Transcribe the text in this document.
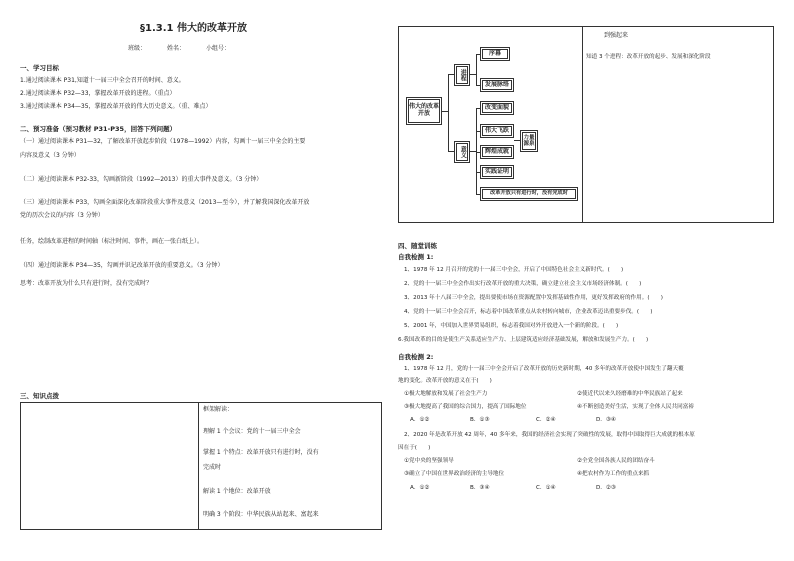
§1.3.1 伟大的改革开放
班级：　　　　姓名：　　　　小组号：
一、学习目标
1.通过阅读课本 P31,知道十一届三中全会召开的时间、意义。
2.通过阅读课本 P32—33，掌握改革开放的进程。（重点）
3.通过阅读课本 P34—35，掌握改革开放的伟大历史意义。（重、难点）
二、预习准备（预习教材 P31-P35，回答下列问题）
（一）通过阅读课本 P31—32，了解改革开放起步阶段（1978—1992）内容，勾画十一届三中全会的主要
内容及意义（3 分钟）
（二）通过阅读课本 P32-33，勾画新阶段（1992—2013）的重大事件及意义。（3 分钟）
（三）通过阅读课本 P33，勾画全面深化改革阶段重大事件及意义（2013—至今），并了解我国深化改革开放
党的历次会议的内容（3 分钟）
任务，绘制改革进程的时间轴（标注时间、事件，画在一张白纸上）。
（四）通过阅读课本 P34—35，勾画并识记改革开放的重要意义。（3 分钟）
思考：改革开放为什么只有进行时，没有完成时？
三、知识点拨
框架解读：
理解 1 个会议：党的十一届三中全会
掌握 1 个特点：改革开放只有进行时，没有
完成时
解读 1 个地位：改革开放
明确 3 个阶段：中华民族从站起来、富起来
到强起来
知道 3 个进程：改革开放的起步、发展和深化阶段
伟大的改革开放
进程
意义
序幕
发展脉络
改变面貌
伟大飞跃
辉煌成就
实践证明
力量源泉
改革开放只有进行时，没有完成时
四、随堂训练
自我检测 1:
1、1978 年 12 月召开的党的十一届三中全会，开启了中国特色社会主义新时代。(　　)
2、党的十一届三中全会作出实行改革开放的重大决策，确立建立社会主义市场经济体制。(　　)
3、2013 年十八届三中全会，提出要使市场在资源配置中发挥基础性作用，更好发挥政府的作用。(　　)
4、党的十一届三中全会召开，标志着中国改革重点从农村转向城市，企业改革迈出重要步伐。(　　)
5、2001 年，中国加入世界贸易组织，标志着我国对外开放进入一个新的阶段。(　　)
6.我国改革的目的是使生产关系适应生产力、上层建筑适应经济基础发展，解放和发展生产力。(　　)
自我检测 2:
1、1978 年 12 月，党的十一届三中全会开启了改革开放的历史新时期，40 多年的改革开放使中国发生了翻天覆
地的变化。改革开放的意义在于(　　)
①极大地解放和发展了社会生产力	②使近代以来久经磨难的中华民族站了起来
③极大地提高了我国的综合国力，提高了国际地位	④不断创造美好生活，实现了全体人民共同富裕
A．①②	B．①③	C．②④	D．③④
2、2020 年是改革开放 42 周年，40 多年来，我国的经济社会实现了突破性的发展，取得中国取得巨大成就的根本原
因在于(　　)
①党中央的坚强领导	②全党全国各族人民的团结奋斗
③确立了中国在世界政治经济的主导地位	④把农村作为工作的重点来抓
A．①②	B．③④	C．①④	D．②③
